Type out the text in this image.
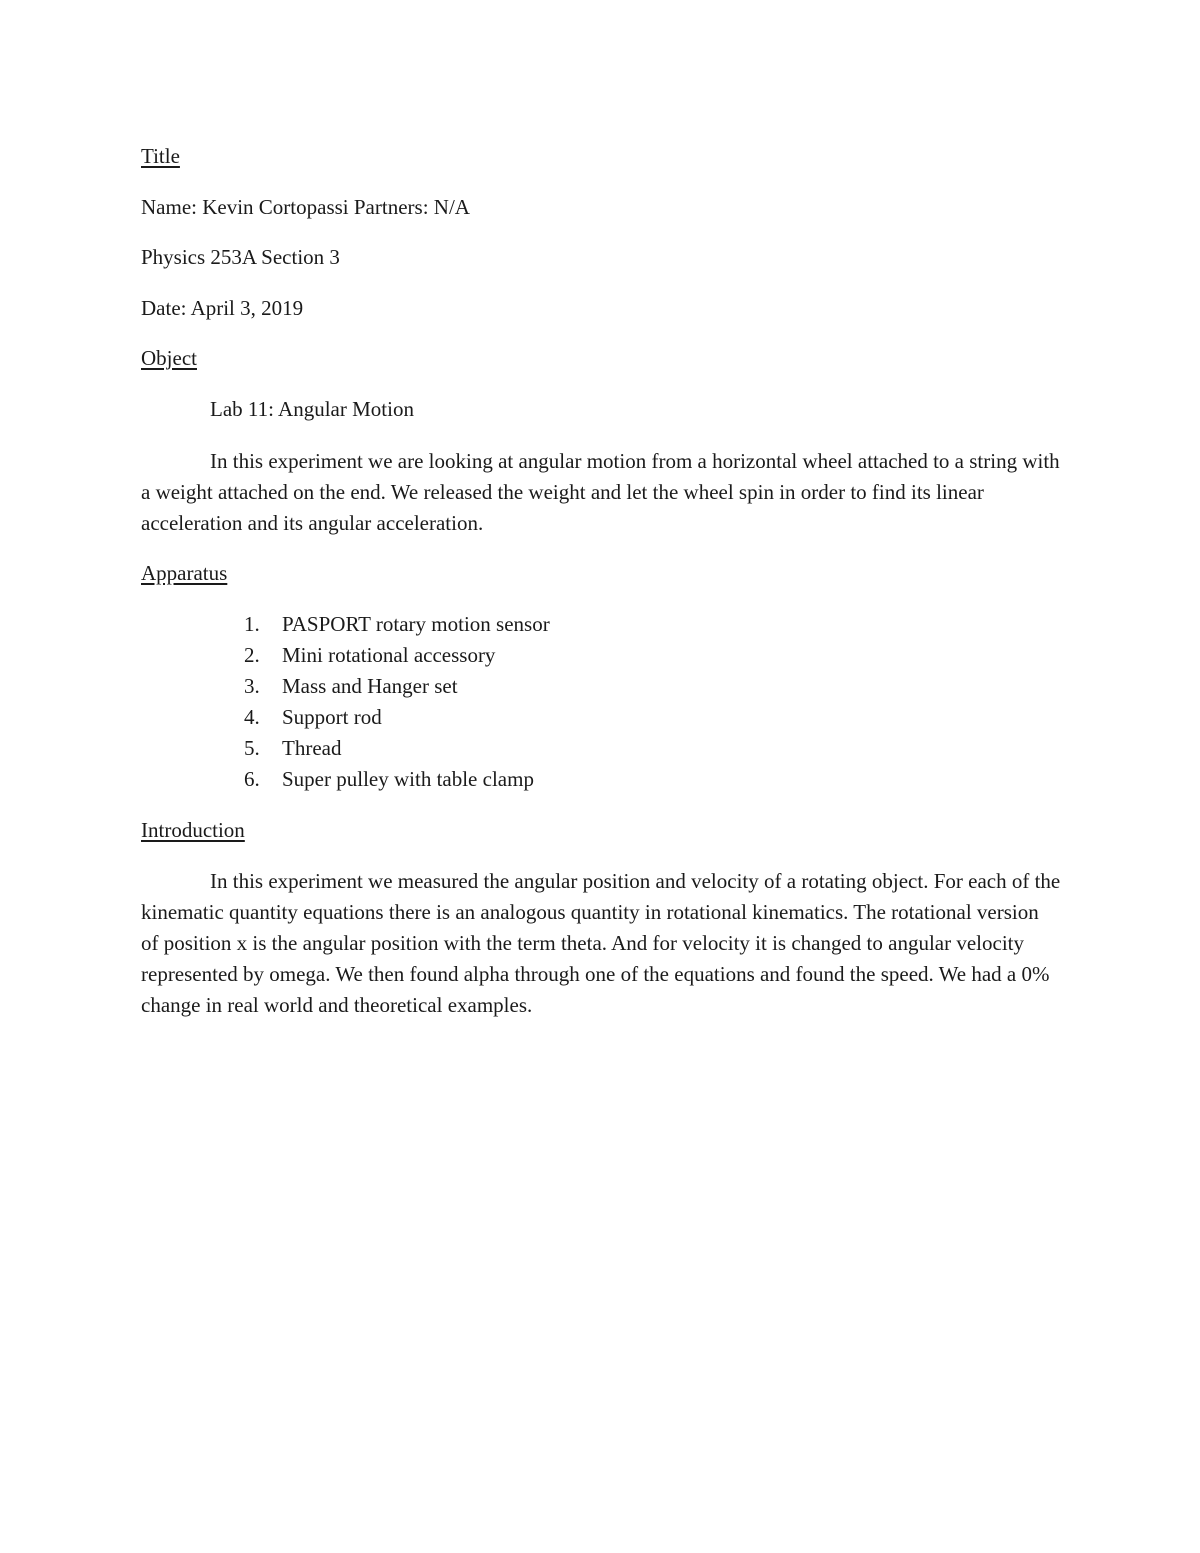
Title
Name: Kevin Cortopassi Partners: N/A
Physics 253A Section 3
Date: April 3, 2019
Object
Lab 11: Angular Motion
In this experiment we are looking at angular motion from a horizontal wheel attached to a string with a weight attached on the end. We released the weight and let the wheel spin in order to find its linear acceleration and its angular acceleration.
Apparatus
1. PASPORT rotary motion sensor
2. Mini rotational accessory
3. Mass and Hanger set
4. Support rod
5. Thread
6. Super pulley with table clamp
Introduction
In this experiment we measured the angular position and velocity of a rotating object. For each of the kinematic quantity equations there is an analogous quantity in rotational kinematics. The rotational version of position x is the angular position with the term theta. And for velocity it is changed to angular velocity represented by omega. We then found alpha through one of the equations and found the speed. We had a 0% change in real world and theoretical examples.
